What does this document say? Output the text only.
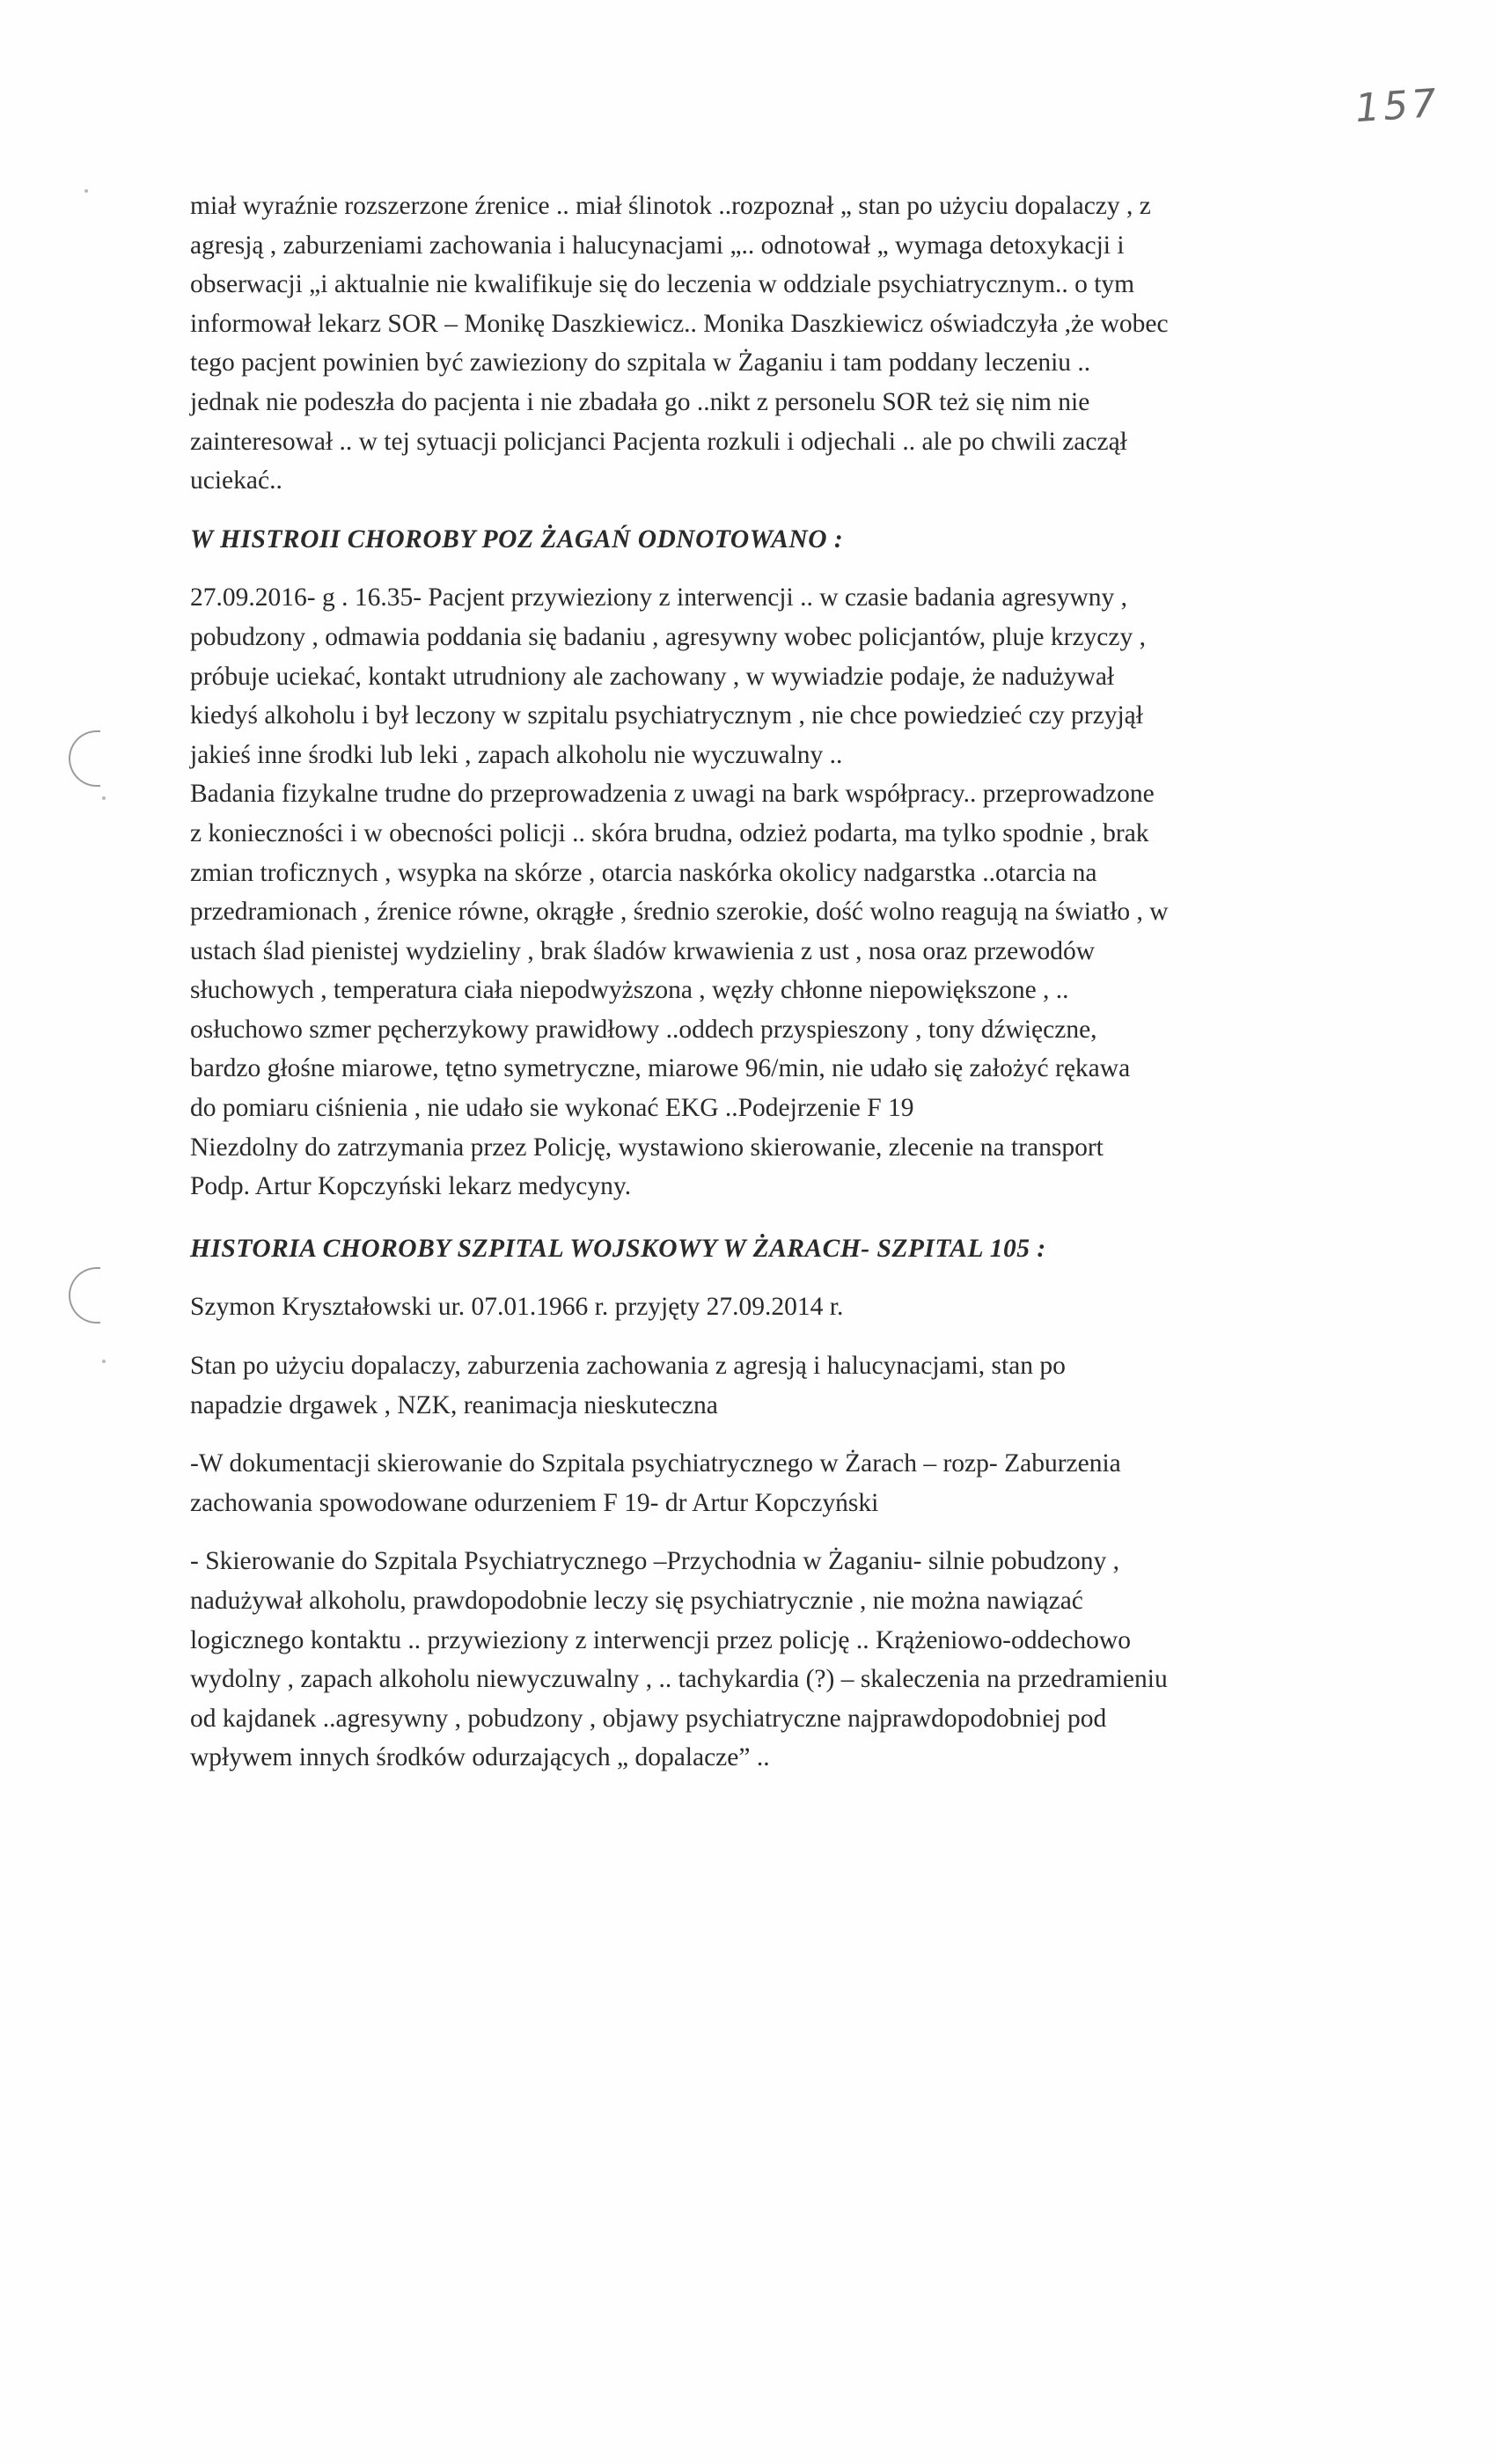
157
miał wyraźnie rozszerzone źrenice .. miał ślinotok ..rozpoznał „ stan po użyciu dopalaczy , z
agresją , zaburzeniami zachowania i halucynacjami „.. odnotował „ wymaga detoxykacji i
obserwacji „i aktualnie nie kwalifikuje się do leczenia w oddziale psychiatrycznym.. o tym
informował lekarz SOR – Monikę Daszkiewicz.. Monika Daszkiewicz oświadczyła ,że wobec
tego pacjent powinien być zawieziony do szpitala w Żaganiu i tam poddany leczeniu ..
jednak nie podeszła do pacjenta i nie zbadała go ..nikt z personelu SOR też się nim nie
zainteresował .. w tej sytuacji policjanci Pacjenta rozkuli i odjechali .. ale po chwili zaczął
uciekać..
W HISTROII CHOROBY POZ ŻAGAŃ ODNOTOWANO :
27.09.2016- g . 16.35- Pacjent przywieziony z interwencji .. w czasie badania agresywny ,
pobudzony , odmawia poddania się badaniu , agresywny wobec policjantów, pluje krzyczy ,
próbuje uciekać, kontakt utrudniony ale zachowany , w wywiadzie podaje, że nadużywał
kiedyś alkoholu i był leczony w szpitalu psychiatrycznym , nie chce powiedzieć czy przyjął
jakieś inne środki lub leki , zapach alkoholu nie wyczuwalny ..
Badania fizykalne trudne do przeprowadzenia z uwagi na bark współpracy.. przeprowadzone
z konieczności i w obecności policji .. skóra brudna, odzież podarta, ma tylko spodnie , brak
zmian troficznych , wsypka na skórze , otarcia naskórka okolicy nadgarstka ..otarcia na
przedramionach , źrenice równe, okrągłe , średnio szerokie, dość wolno reagują na światło , w
ustach ślad pienistej wydzieliny , brak śladów krwawienia z ust , nosa oraz przewodów
słuchowych , temperatura ciała niepodwyższona , węzły chłonne niepowiększone , ..
osłuchowo szmer pęcherzykowy prawidłowy ..oddech przyspieszony , tony dźwięczne,
bardzo głośne miarowe, tętno symetryczne, miarowe 96/min, nie udało się założyć rękawa
do pomiaru ciśnienia , nie udało sie wykonać EKG ..Podejrzenie F 19
Niezdolny do zatrzymania przez Policję, wystawiono skierowanie, zlecenie na transport
Podp. Artur Kopczyński lekarz medycyny.
HISTORIA CHOROBY SZPITAL WOJSKOWY W ŻARACH- SZPITAL 105 :
Szymon Kryształowski ur. 07.01.1966 r. przyjęty 27.09.2014 r.
Stan po użyciu dopalaczy, zaburzenia zachowania z agresją i halucynacjami, stan po
napadzie drgawek , NZK, reanimacja nieskuteczna
-W dokumentacji skierowanie do Szpitala psychiatrycznego w Żarach – rozp- Zaburzenia
zachowania spowodowane odurzeniem F 19- dr Artur Kopczyński
- Skierowanie do Szpitala Psychiatrycznego –Przychodnia w Żaganiu- silnie pobudzony ,
nadużywał alkoholu, prawdopodobnie leczy się psychiatrycznie , nie można nawiązać
logicznego kontaktu .. przywieziony z interwencji przez policję .. Krążeniowo-oddechowo
wydolny , zapach alkoholu niewyczuwalny , .. tachykardia (?) – skaleczenia na przedramieniu
od kajdanek ..agresywny , pobudzony , objawy psychiatryczne najprawdopodobniej pod
wpływem innych środków odurzających „ dopalacze” ..
